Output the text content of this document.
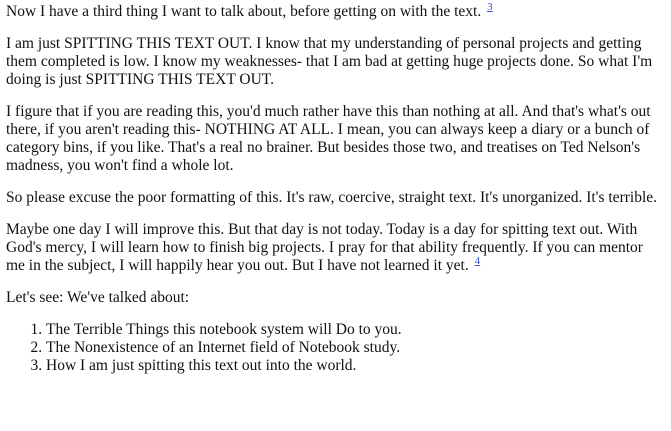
Now I have a third thing I want to talk about, before getting on with the text. $^3$

I am just SPITTING THIS TEXT OUT. I know that my understanding of personal projects and getting them completed is low. I know my weaknesses- that I am bad at getting huge projects done. So what I'm doing is just SPITTING THIS TEXT OUT.

I figure that if you are reading this, you'd much rather have this than nothing at all. And that's what's out there, if you aren't reading this- NOTHING AT ALL. I mean, you can always keep a diary or a bunch of category bins, if you like. That's a real no brainer. But besides those two, and treatises on Ted Nelson's madness, you won't find a whole lot.

So please excuse the poor formatting of this. It's raw, coercive, straight text. It's unorganized. It's terrible.

Maybe one day I will improve this. But that day is not today. Today is a day for spitting text out. With God's mercy, I will learn how to finish big projects. I pray for that ability frequently. If you can mentor me in the subject, I will happily hear you out. But I have not learned it yet. $^4$

Let's see: We've talked about:

1. The Terrible Things this notebook system will Do to you.
2. The Nonexistence of an Internet field of Notebook study.
3. How I am just spitting this text out into the world.
